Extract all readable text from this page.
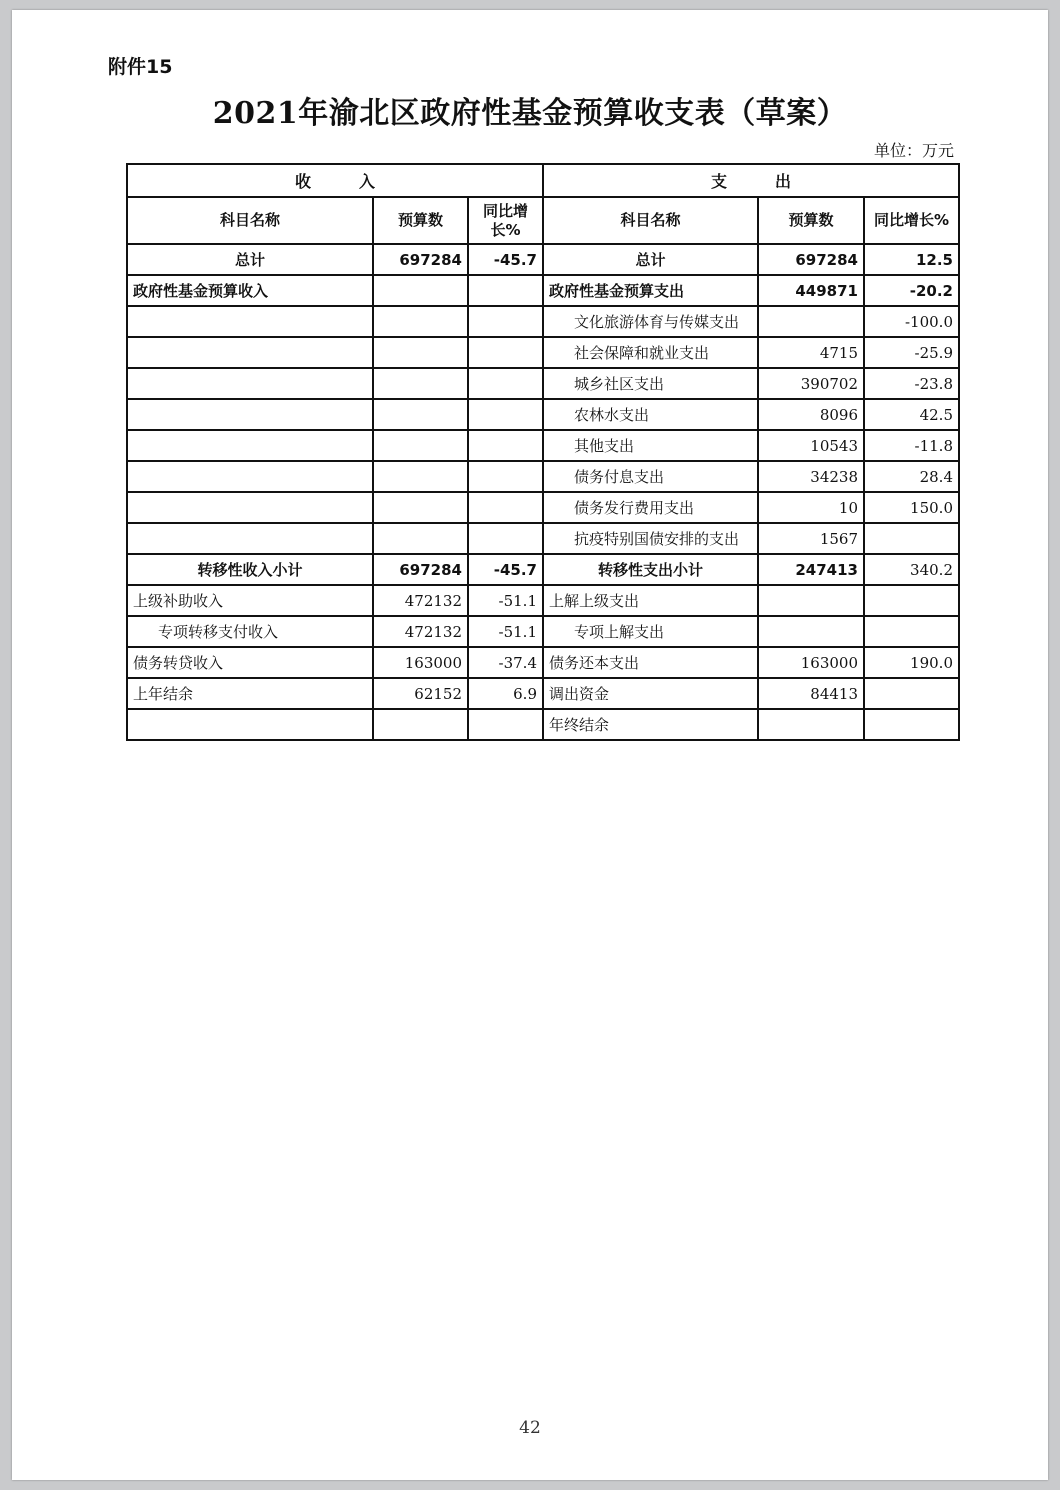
附件15
2021年渝北区政府性基金预算收支表（草案）
单位：万元
收　　　入			支　　　出		
科目名称	预算数	同比增长%	科目名称	预算数	同比增长%
总计	697284	-45.7	总计	697284	12.5
政府性基金预算收入			政府性基金预算支出	449871	-20.2
			文化旅游体育与传媒支出		-100.0
			社会保障和就业支出	4715	-25.9
			城乡社区支出	390702	-23.8
			农林水支出	8096	42.5
			其他支出	10543	-11.8
			债务付息支出	34238	28.4
			债务发行费用支出	10	150.0
			抗疫特别国债安排的支出	1567	
转移性收入小计	697284	-45.7	转移性支出小计	247413	340.2
上级补助收入	472132	-51.1	上解上级支出		
专项转移支付收入	472132	-51.1	专项上解支出		
债务转贷收入	163000	-37.4	债务还本支出	163000	190.0
上年结余	62152	6.9	调出资金	84413	
			年终结余		
42
